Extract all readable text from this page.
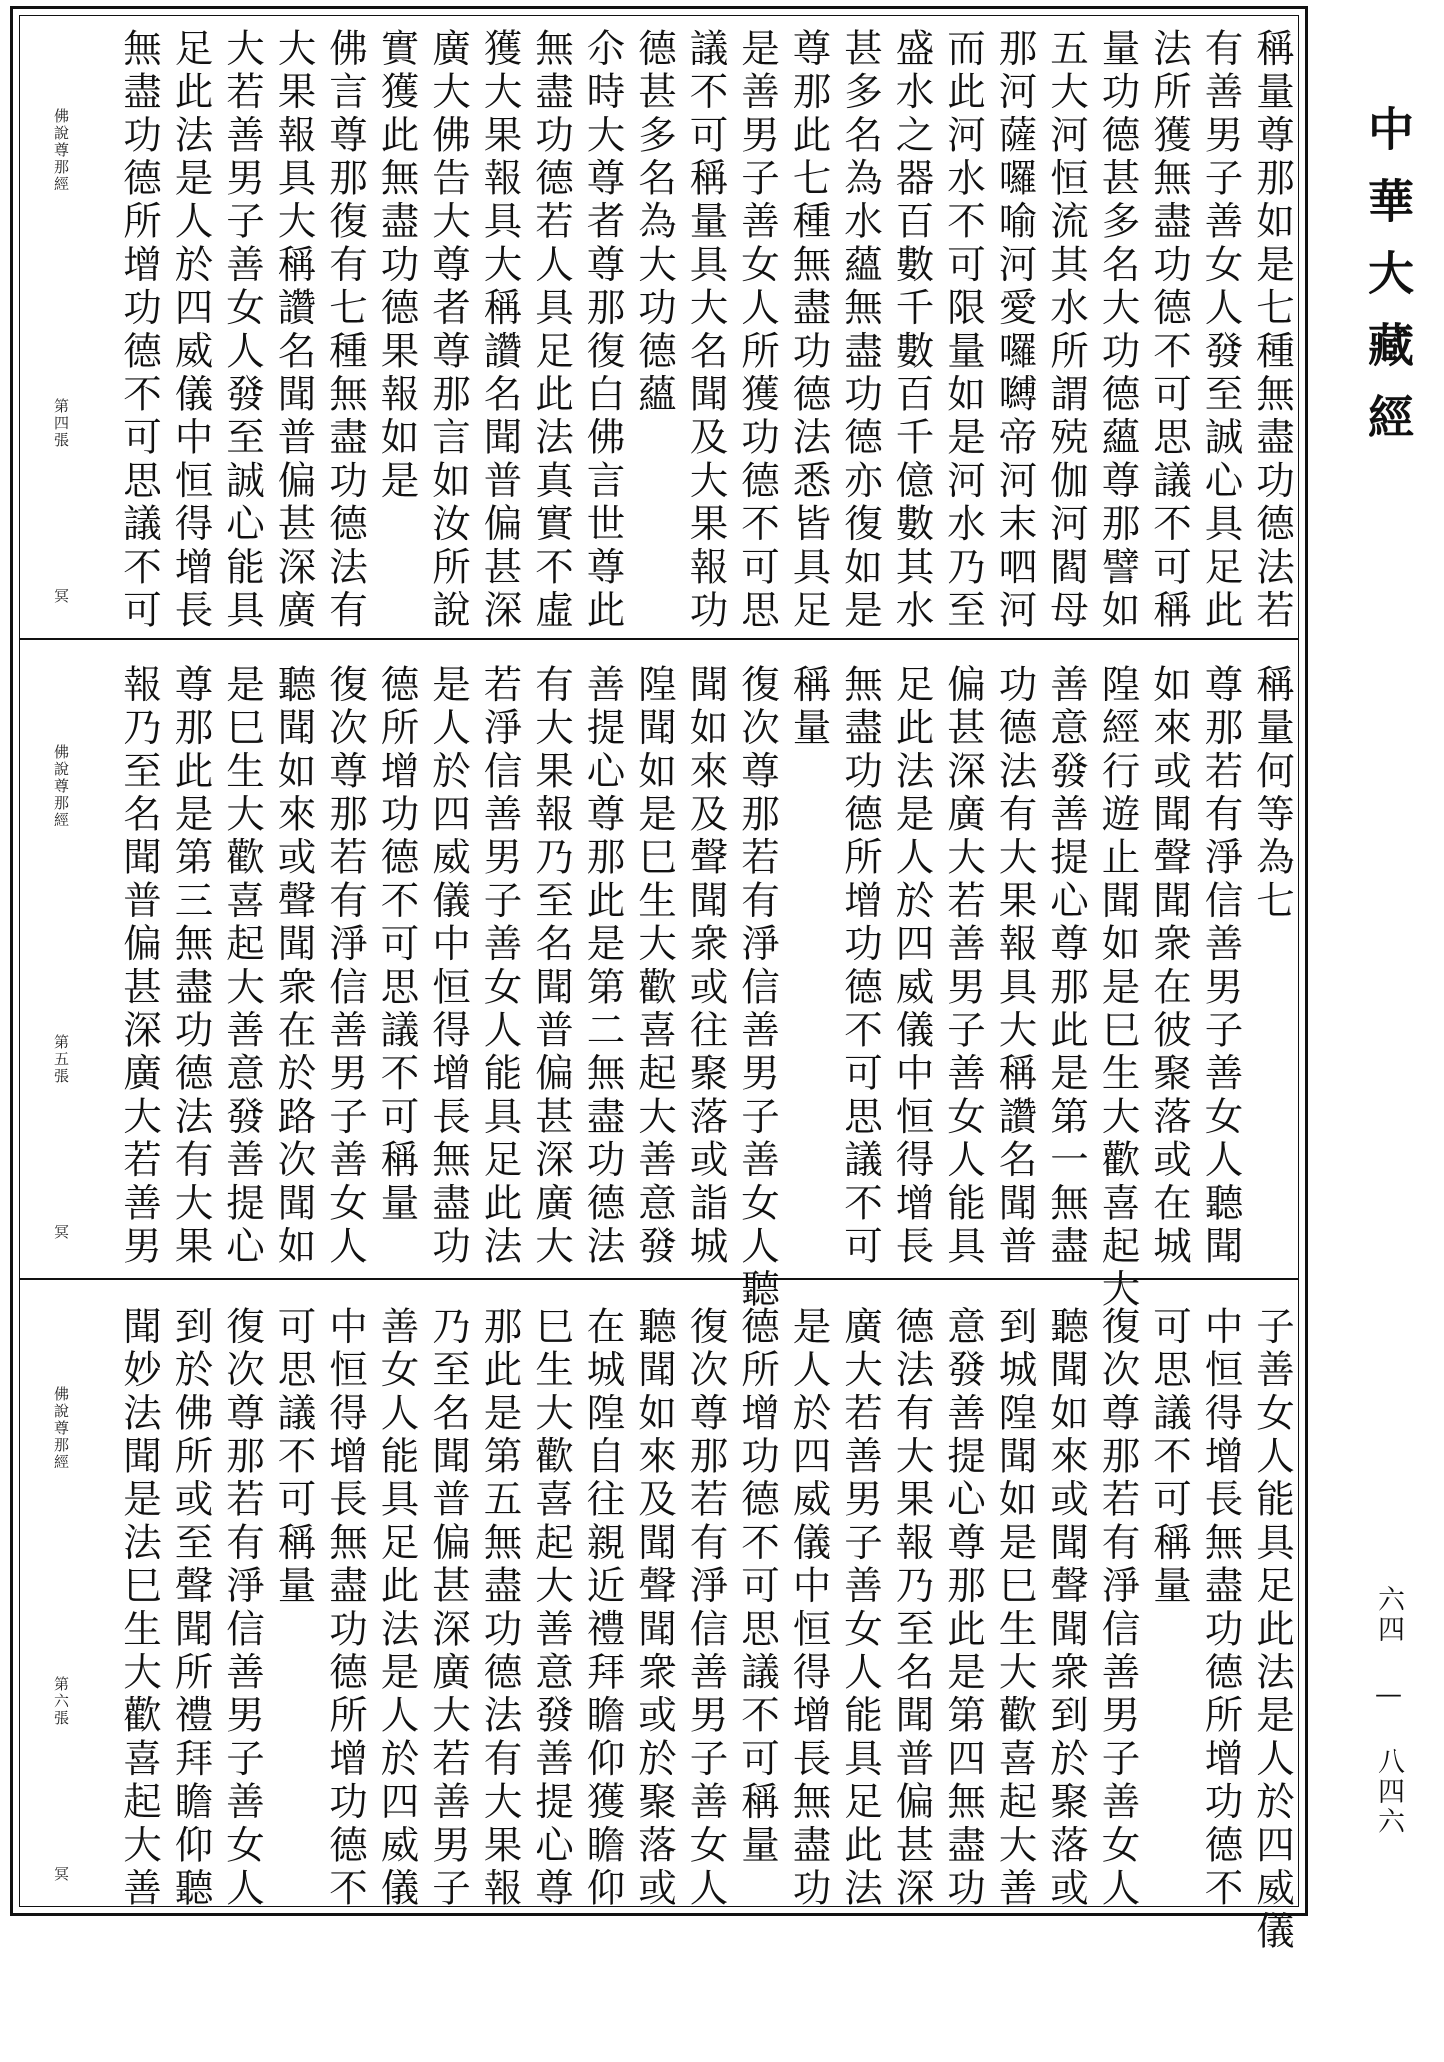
稱量尊那如是七種無盡功德法若
有善男子善女人發至誠心具足此
法所獲無盡功德不可思議不可稱
量功德甚多名大功德蘊尊那譬如
五大河恒流其水所謂殑伽河閻母
那河薩囉喻河愛囉嚩帝河末呬河
而此河水不可限量如是河水乃至
盛水之器百數千數百千億數其水
甚多名為水蘊無盡功德亦復如是
尊那此七種無盡功德法悉皆具足
是善男子善女人所獲功德不可思
議不可稱量具大名聞及大果報功
德甚多名為大功德蘊
尒時大尊者尊那復白佛言世尊此
無盡功德若人具足此法真實不虛
獲大果報具大稱讚名聞普偏甚深
廣大佛告大尊者尊那言如汝所說
實獲此無盡功德果報如是
佛言尊那復有七種無盡功德法有
大果報具大稱讚名聞普偏甚深廣
大若善男子善女人發至誠心能具
足此法是人於四威儀中恒得增長
無盡功德所增功德不可思議不可
佛說尊那經
第四張
冥
稱量何等為七
尊那若有淨信善男子善女人聽聞
如來或聞聲聞衆在彼聚落或在城
隍經行遊止聞如是巳生大歡喜起大
善意發善提心尊那此是第一無盡
功德法有大果報具大稱讚名聞普
偏甚深廣大若善男子善女人能具
足此法是人於四威儀中恒得增長
無盡功德所增功德不可思議不可
稱量
復次尊那若有淨信善男子善女人聽
聞如來及聲聞衆或往聚落或詣城
隍聞如是巳生大歡喜起大善意發
善提心尊那此是第二無盡功德法
有大果報乃至名聞普偏甚深廣大
若淨信善男子善女人能具足此法
是人於四威儀中恒得增長無盡功
德所增功德不可思議不可稱量
復次尊那若有淨信善男子善女人
聽聞如來或聲聞衆在於路次聞如
是巳生大歡喜起大善意發善提心
尊那此是第三無盡功德法有大果
報乃至名聞普偏甚深廣大若善男
佛說尊那經
第五張
冥
子善女人能具足此法是人於四威儀
中恒得增長無盡功德所增功德不
可思議不可稱量
復次尊那若有淨信善男子善女人
聽聞如來或聞聲聞衆到於聚落或
到城隍聞如是巳生大歡喜起大善
意發善提心尊那此是第四無盡功
德法有大果報乃至名聞普偏甚深
廣大若善男子善女人能具足此法
是人於四威儀中恒得增長無盡功
德所增功德不可思議不可稱量
復次尊那若有淨信善男子善女人
聽聞如來及聞聲聞衆或於聚落或
在城隍自往親近禮拜瞻仰獲瞻仰
巳生大歡喜起大善意發善提心尊
那此是第五無盡功德法有大果報
乃至名聞普偏甚深廣大若善男子
善女人能具足此法是人於四威儀
中恒得增長無盡功德所增功德不
可思議不可稱量
復次尊那若有淨信善男子善女人
到於佛所或至聲聞所禮拜瞻仰聽
聞妙法聞是法巳生大歡喜起大善
佛說尊那經
第六張
冥
中華大藏經
六四 — 八四六
